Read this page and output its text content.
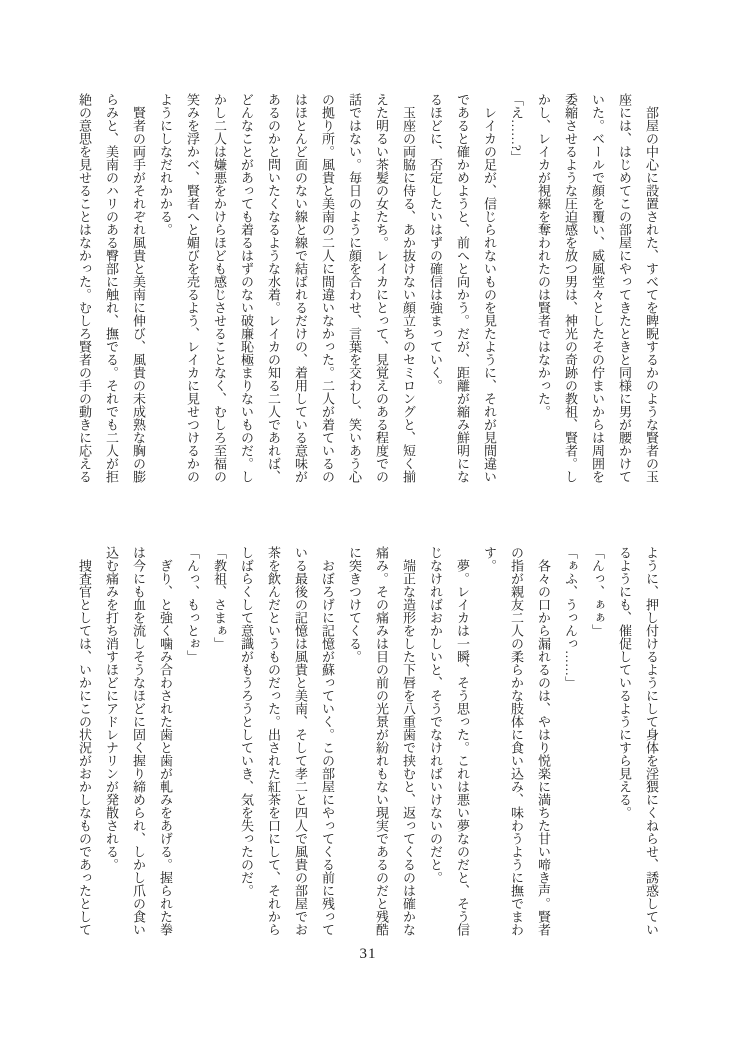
部屋の中心に設置された、すべてを睥睨するかのような賢者の玉座には、はじめてこの部屋にやってきたときと同様に男が腰かけていた。ベールで顔を覆い、威風堂々としたその佇まいからは周囲を委縮させるような圧迫感を放つ男は、神光の奇跡の教祖、賢者。しかし、レイカが視線を奪われたのは賢者ではなかった。

「え……?」

レイカの足が、信じられないものを見たように、それが見間違いであると確かめようと、前へと向かう。だが、距離が縮み鮮明になるほどに、否定したいはずの確信は強まっていく。

玉座の両脇に侍る、あか抜けない顔立ちのセミロングと、短く揃えた明るい茶髪の女たち。レイカにとって、見覚えのある程度での話ではない。毎日のように顔を合わせ、言葉を交わし、笑いあう心の拠り所。風貴と美南の二人に間違いなかった。二人が着ているのはほとんど面のない線と線で結ばれるだけの、着用している意味があるのかと問いたくなるような水着。レイカの知る二人であれば、どんなことがあっても着るはずのない破廉恥極まりないものだ。しかし二人は嫌悪をかけらほども感じさせることなく、むしろ至福の笑みを浮かべ、賢者へと媚びを売るよう、レイカに見せつけるかのようにしなだれかかる。

賢者の両手がそれぞれ風貴と美南に伸び、風貴の未成熟な胸の膨らみと、美南のハリのある臀部に触れ、撫でる。それでも二人が拒絶の意思を見せることはなかった。むしろ賢者の手の動きに応える

ように、押し付けるようにして身体を淫猥にくねらせ、誘惑しているようにも、催促しているようにすら見える。

「んっ、ぁぁ」

「ぁふ、うっんっ……」

各々の口から漏れるのは、やはり悦楽に満ちた甘い啼き声。賢者の指が親友二人の柔らかな肢体に食い込み、味わうように撫でまわす。

夢。レイカは一瞬、そう思った。これは悪い夢なのだと、そう信じなければおかしいと、そうでなければいけないのだと。

端正な造形をした下唇を八重歯で挟むと、返ってくるのは確かな痛み。その痛みは目の前の光景が紛れもない現実であるのだと残酷に突きつけてくる。

おぼろげに記憶が蘇っていく。この部屋にやってくる前に残っている最後の記憶は風貴と美南、そして孝二と四人で風貴の部屋でお茶を飲んだというものだった。出された紅茶を口にして、それからしばらくして意識がもうろうとしていき、気を失ったのだ。

「教祖、さまぁ」

「んっ、もっとぉ」

ぎり、と強く噛み合わされた歯と歯が軋みをあげる。握られた拳は今にも血を流しそうなほどに固く握り締められ、しかし爪の食い込む痛みを打ち消すほどにアドレナリンが発散される。

捜査官としては、いかにこの状況がおかしなものであったとして

31
